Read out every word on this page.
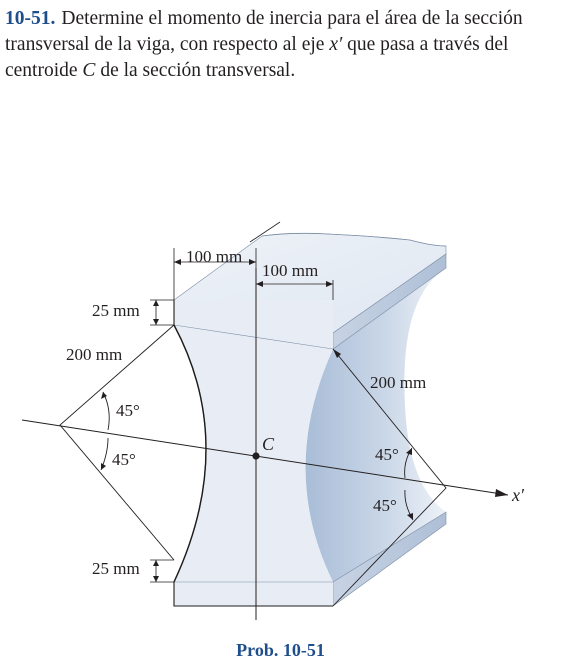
10-51. Determine el momento de inercia para el área de la sección transversal de la viga, con respecto al eje x′ que pasa a través del centroide C de la sección transversal.
100 mm
100 mm
25 mm
25 mm
200 mm
200 mm
45°
45°	45°
45°
C
x′
Prob. 10-51
